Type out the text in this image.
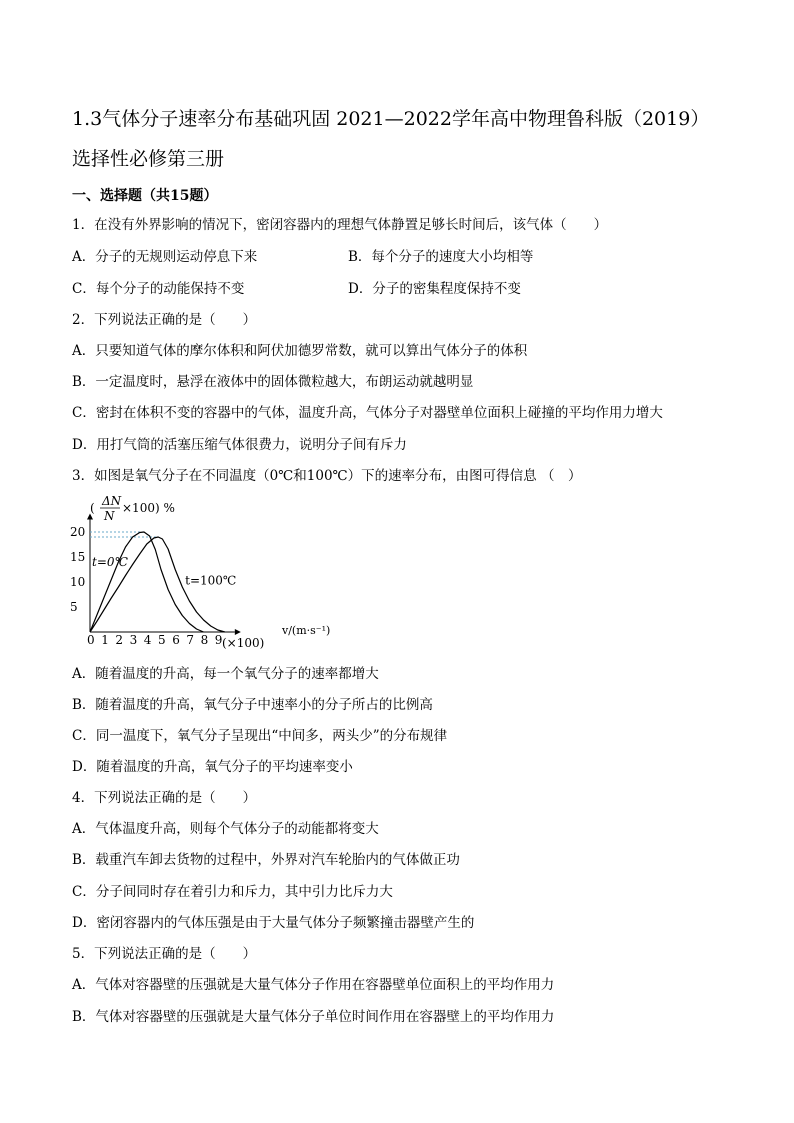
1.3气体分子速率分布基础巩固 2021—2022学年高中物理鲁科版（2019）
选择性必修第三册
一、选择题（共15题）
1．在没有外界影响的情况下，密闭容器内的理想气体静置足够长时间后，该气体（　　）
A．分子的无规则运动停息下来	B．每个分子的速度大小均相等
C．每个分子的动能保持不变	D．分子的密集程度保持不变
2．下列说法正确的是（　　）
A．只要知道气体的摩尔体积和阿伏加德罗常数，就可以算出气体分子的体积
B．一定温度时，悬浮在液体中的固体微粒越大，布朗运动就越明显
C．密封在体积不变的容器中的气体，温度升高，气体分子对器壁单位面积上碰撞的平均作用力增大
D．用打气筒的活塞压缩气体很费力，说明分子间有斥力
3．如图是氧气分子在不同温度（0℃和100℃）下的速率分布，由图可得信息 （　）
0 1 2 3 4 5 6 7 8 9
5
10
15
20
t=0℃
t=100℃
( ΔN
N
×100) %
v/(m·s⁻¹)
(×100)
A．随着温度的升高，每一个氧气分子的速率都增大
B．随着温度的升高，氧气分子中速率小的分子所占的比例高
C．同一温度下，氧气分子呈现出“中间多，两头少”的分布规律
D．随着温度的升高，氧气分子的平均速率变小
4．下列说法正确的是（　　）
A．气体温度升高，则每个气体分子的动能都将变大
B．载重汽车卸去货物的过程中，外界对汽车轮胎内的气体做正功
C．分子间同时存在着引力和斥力，其中引力比斥力大
D．密闭容器内的气体压强是由于大量气体分子频繁撞击器壁产生的
5．下列说法正确的是（　　）
A．气体对容器壁的压强就是大量气体分子作用在容器壁单位面积上的平均作用力
B．气体对容器壁的压强就是大量气体分子单位时间作用在容器壁上的平均作用力
